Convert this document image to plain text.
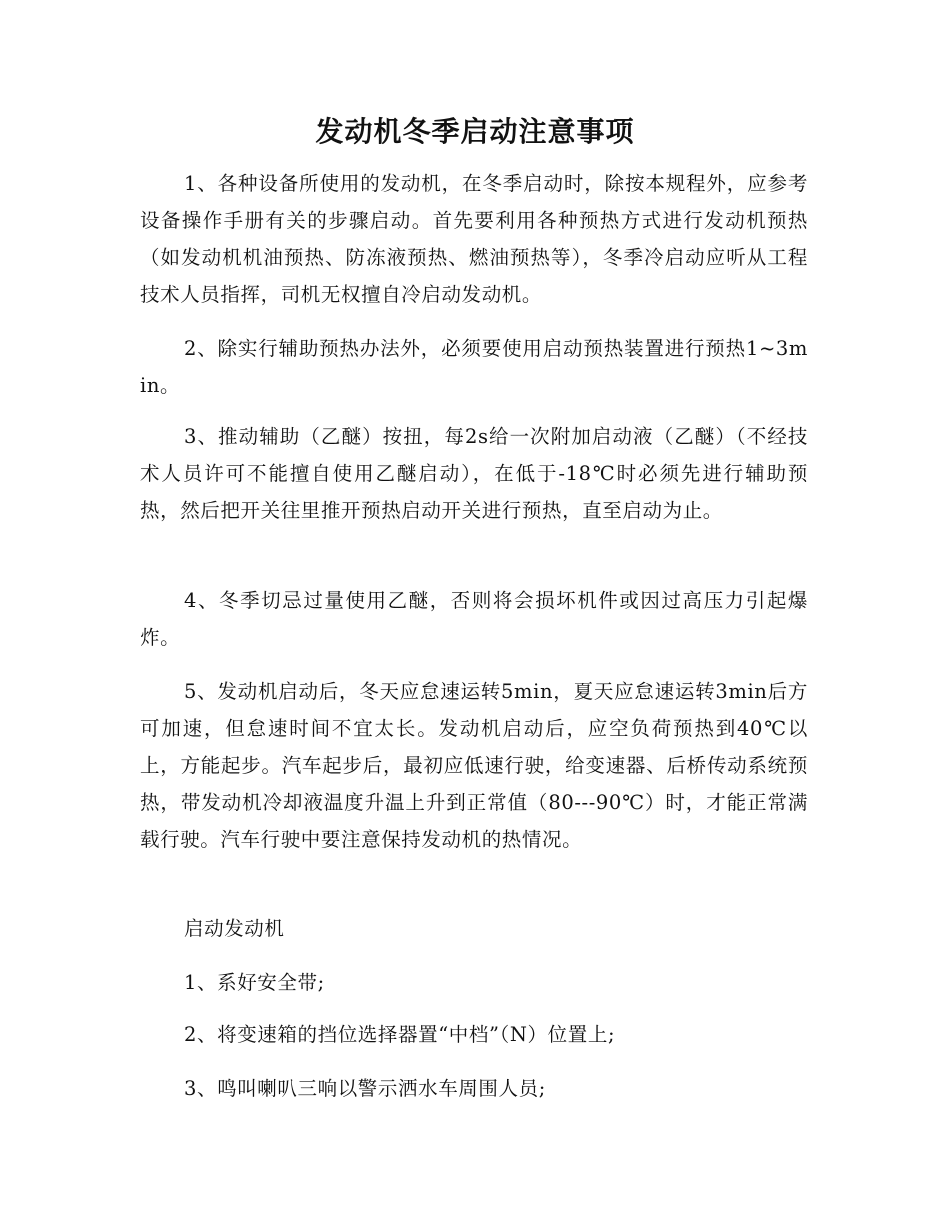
发动机冬季启动注意事项

1、各种设备所使用的发动机，在冬季启动时，除按本规程外，应参考设备操作手册有关的步骤启动。首先要利用各种预热方式进行发动机预热（如发动机机油预热、防冻液预热、燃油预热等），冬季冷启动应听从工程技术人员指挥，司机无权擅自冷启动发动机。

2、除实行辅助预热办法外，必须要使用启动预热装置进行预热1~3min。

3、推动辅助（乙醚）按扭，每2s给一次附加启动液（乙醚）（不经技术人员许可不能擅自使用乙醚启动），在低于-18℃时必须先进行辅助预热，然后把开关往里推开预热启动开关进行预热，直至启动为止。

4、冬季切忌过量使用乙醚，否则将会损坏机件或因过高压力引起爆炸。

5、发动机启动后，冬天应怠速运转5min，夏天应怠速运转3min后方可加速，但怠速时间不宜太长。发动机启动后，应空负荷预热到40℃以上，方能起步。汽车起步后，最初应低速行驶，给变速器、后桥传动系统预热，带发动机冷却液温度升温上升到正常值（80---90℃）时，才能正常满载行驶。汽车行驶中要注意保持发动机的热情况。

启动发动机

1、系好安全带;

2、将变速箱的挡位选择器置“中档”（N）位置上;

3、鸣叫喇叭三响以警示洒水车周围人员;
